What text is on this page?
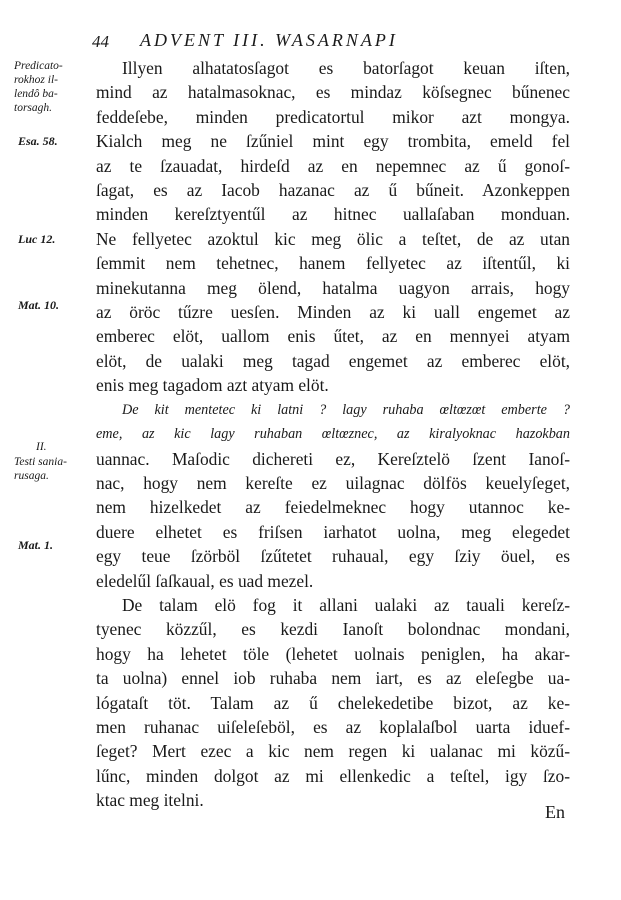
44 ADVENT III. WASARNAPI
Predicato-
rokhoz il-
lendô ba-
torsagh.
Esa. 58.
Luc 12.
Mat. 10.
II.
Testi sania-
rusaga.
Mat. 1.
Illyen alhatatosſagot es batorſagot keuan iſten,
mind az hatalmasoknac, es mindaz köſsegnec bűnenec
feddeſebe, minden predicatortul mikor azt mongya.
Kialch meg ne ſzűniel mint egy trombita, emeld fel
az te ſzauadat, hirdeſd az en nepemnec az ű gonoſ-
ſagat, es az Iacob hazanac az ű bűneit. Azonkeppen
minden kereſztyentűl az hitnec uallaſaban monduan.
Ne fellyetec azoktul kic meg ölic a teſtet, de az utan
ſemmit nem tehetnec, hanem fellyetec az iſtentűl, ki
minekutanna meg ölend, hatalma uagyon arrais, hogy
az öröc tűzre uesſen. Minden az ki uall engemet az
emberec elöt, uallom enis űtet, az en mennyei atyam
elöt, de ualaki meg tagad engemet az emberec elöt,
enis meg tagadom azt atyam elöt.
De kit mentetec ki latni ? lagy ruhaba œltœzœt emberte ?
eme, az kic lagy ruhaban œltœznec, az kiralyoknac hazokban
uannac. Maſodic dichereti ez, Kereſztelö ſzent Ianoſ-
nac, hogy nem kereſte ez uilagnac dölfös keuelyſeget,
nem hizelkedet az feiedelmeknec hogy utannoc ke-
duere elhetet es friſsen iarhatot uolna, meg elegedet
egy teue ſzörböl ſzűtetet ruhaual, egy ſziy öuel, es
eledelűl ſaſkaual, es uad mezel.
De talam elö fog it allani ualaki az tauali kereſz-
tyenec közzűl, es kezdi Ianoſt bolondnac mondani,
hogy ha lehetet töle (lehetet uolnais peniglen, ha akar-
ta uolna) ennel iob ruhaba nem iart, es az eleſegbe ua-
lógataſt töt. Talam az ű chelekedetibe bizot, az ke-
men ruhanac uiſeleſeböl, es az koplalaſbol uarta iduef-
ſeget? Mert ezec a kic nem regen ki ualanac mi közű-
lűnc, minden dolgot az mi ellenkedic a teſtel, igy ſzo-
ktac meg itelni.
En
